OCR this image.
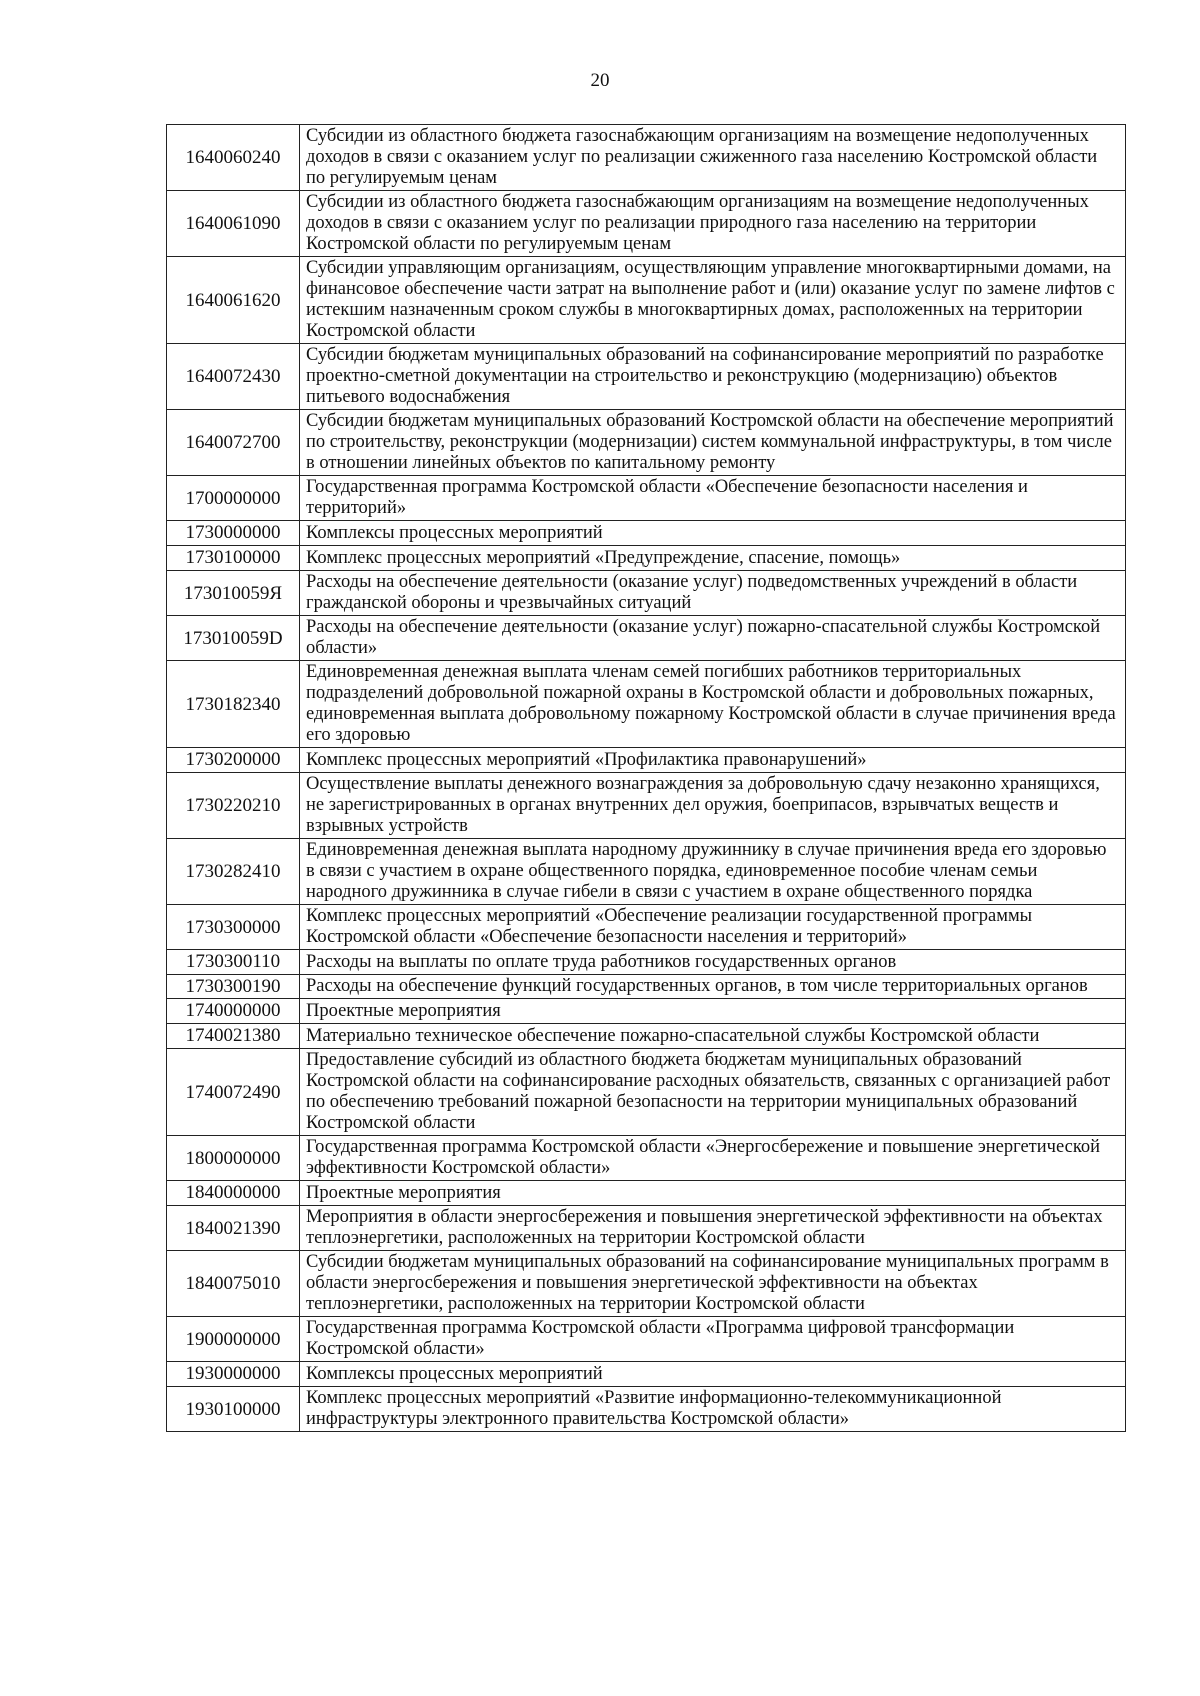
20
1640060240	Субсидии из областного бюджета газоснабжающим организациям на возмещение недополученных доходов в связи с оказанием услуг по реализации сжиженного газа населению Костромской области по регулируемым ценам
1640061090	Субсидии из областного бюджета газоснабжающим организациям на возмещение недополученных доходов в связи с оказанием услуг по реализации природного газа населению на территории Костромской области по регулируемым ценам
1640061620	Субсидии управляющим организациям, осуществляющим управление многоквартирными домами, на финансовое обеспечение части затрат на выполнение работ и (или) оказание услуг по замене лифтов с истекшим назначенным сроком службы в многоквартирных домах, расположенных на территории Костромской области
1640072430	Субсидии бюджетам муниципальных образований на софинансирование мероприятий по разработке проектно-сметной документации на строительство и реконструкцию (модернизацию) объектов питьевого водоснабжения
1640072700	Субсидии бюджетам муниципальных образований Костромской области на обеспечение мероприятий по строительству, реконструкции (модернизации) систем коммунальной инфраструктуры, в том числе в отношении линейных объектов по капитальному ремонту
1700000000	Государственная программа Костромской области «Обеспечение безопасности населения и территорий»
1730000000	Комплексы процессных мероприятий
1730100000	Комплекс процессных мероприятий «Предупреждение, спасение, помощь»
173010059Я	Расходы на обеспечение деятельности (оказание услуг) подведомственных учреждений в области гражданской обороны и чрезвычайных ситуаций
173010059D	Расходы на обеспечение деятельности (оказание услуг) пожарно-спасательной службы Костромской области»
1730182340	Единовременная денежная выплата членам семей погибших работников территориальных подразделений добровольной пожарной охраны в Костромской области и добровольных пожарных, единовременная выплата добровольному пожарному Костромской области в случае причинения вреда его здоровью
1730200000	Комплекс процессных мероприятий «Профилактика правонарушений»
1730220210	Осуществление выплаты денежного вознаграждения за добровольную сдачу незаконно хранящихся, не зарегистрированных в органах внутренних дел оружия, боеприпасов, взрывчатых веществ и взрывных устройств
1730282410	Единовременная денежная выплата народному дружиннику в случае причинения вреда его здоровью в связи с участием в охране общественного порядка, единовременное пособие членам семьи народного дружинника в случае гибели в связи с участием в охране общественного порядка
1730300000	Комплекс процессных мероприятий «Обеспечение реализации государственной программы Костромской области «Обеспечение безопасности населения и территорий»
1730300110	Расходы на выплаты по оплате труда работников государственных органов
1730300190	Расходы на обеспечение функций государственных органов, в том числе территориальных органов
1740000000	Проектные мероприятия
1740021380	Материально техническое обеспечение пожарно-спасательной службы Костромской области
1740072490	Предоставление субсидий из областного бюджета бюджетам муниципальных образований Костромской области на софинансирование расходных обязательств, связанных с организацией работ по обеспечению требований пожарной безопасности на территории муниципальных образований Костромской области
1800000000	Государственная программа Костромской области «Энергосбережение и повышение энергетической эффективности Костромской области»
1840000000	Проектные мероприятия
1840021390	Мероприятия в области энергосбережения и повышения энергетической эффективности на объектах теплоэнергетики, расположенных на территории Костромской области
1840075010	Субсидии бюджетам муниципальных образований на софинансирование муниципальных программ в области энергосбережения и повышения энергетической эффективности на объектах теплоэнергетики, расположенных на территории Костромской области
1900000000	Государственная программа Костромской области «Программа цифровой трансформации Костромской области»
1930000000	Комплексы процессных мероприятий
1930100000	Комплекс процессных мероприятий «Развитие информационно-телекоммуникационной инфраструктуры электронного правительства Костромской области»
